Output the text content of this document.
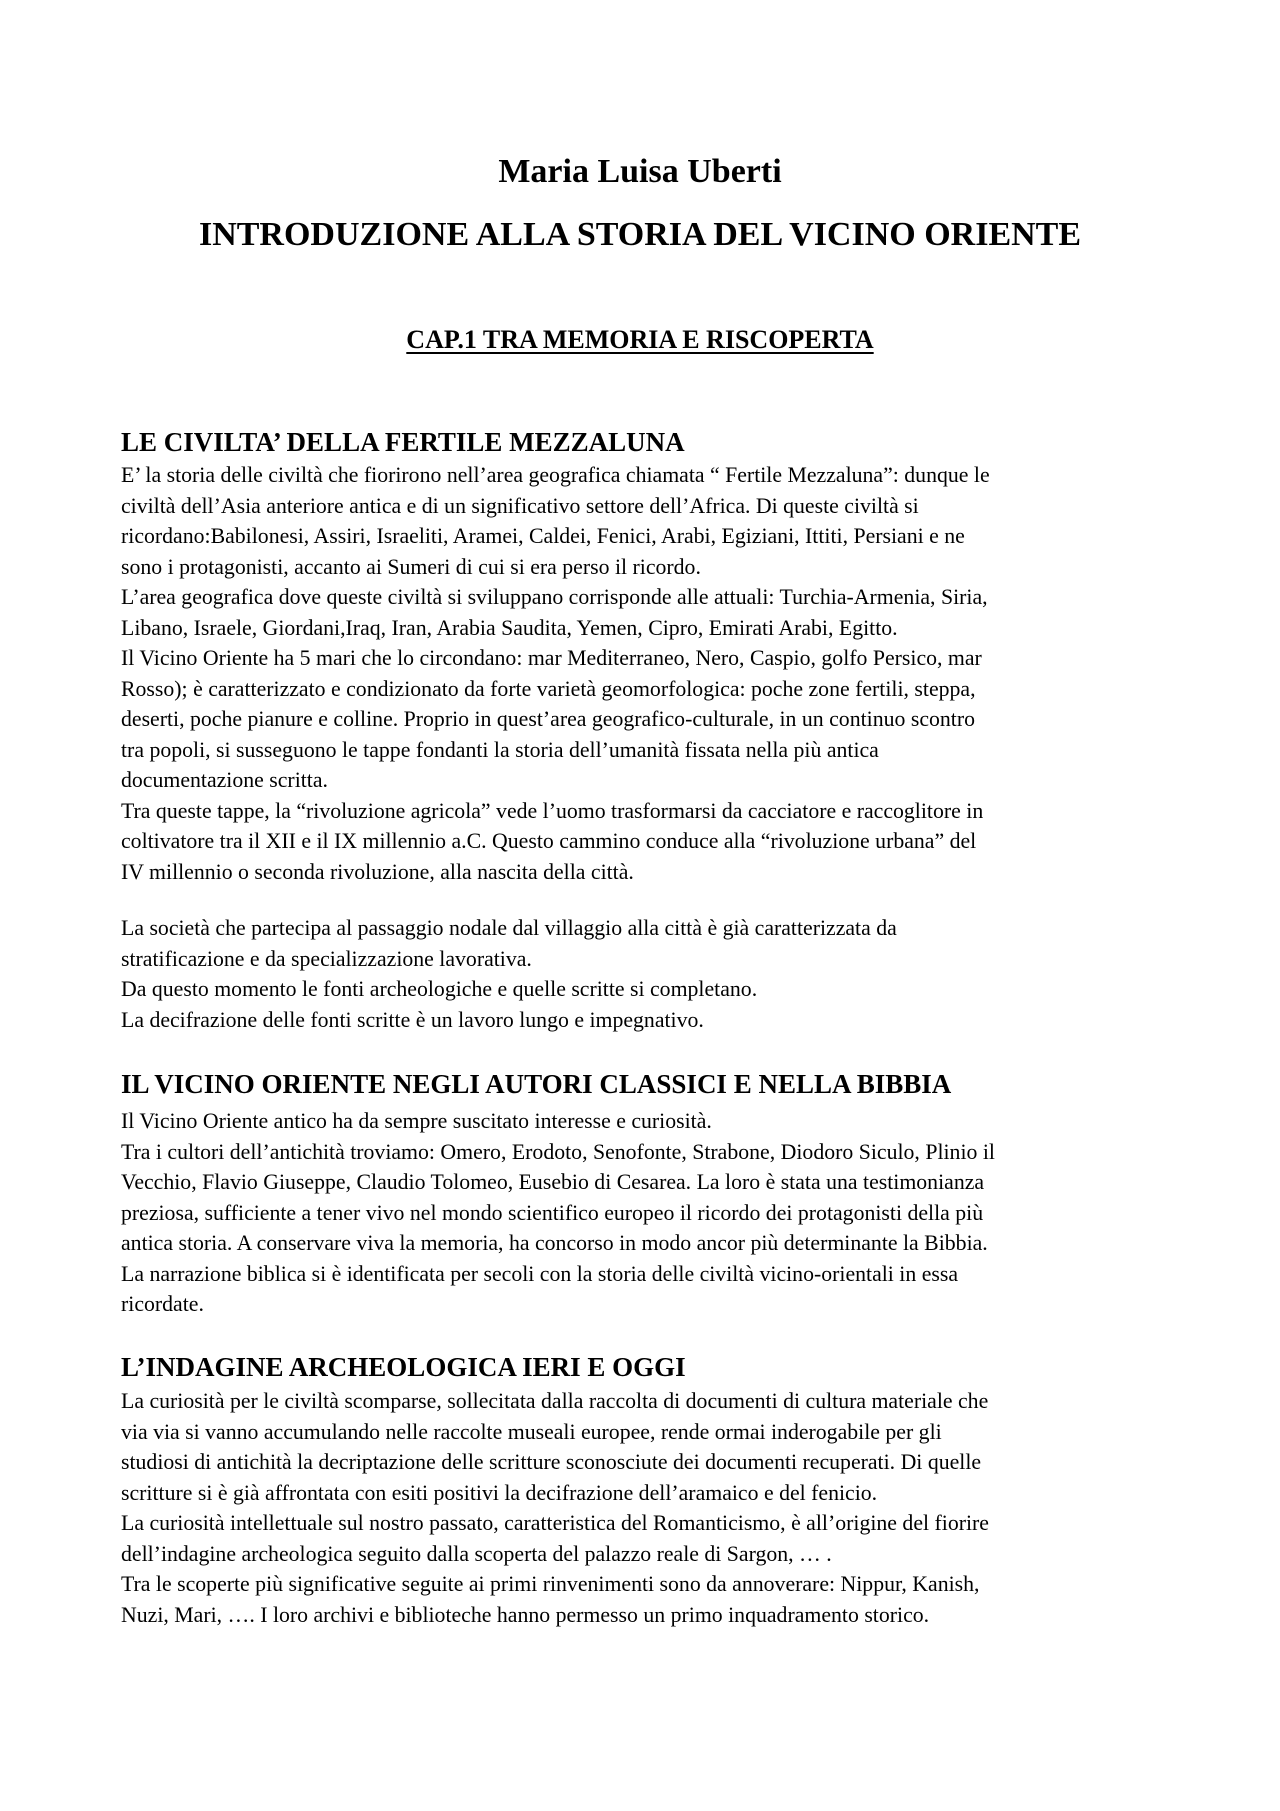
Maria Luisa Uberti
INTRODUZIONE ALLA STORIA DEL VICINO ORIENTE
CAP.1 TRA MEMORIA E RISCOPERTA
LE CIVILTA’ DELLA FERTILE MEZZALUNA

E’ la storia delle civiltà che fiorirono nell’area geografica chiamata “ Fertile Mezzaluna”: dunque le

civiltà dell’Asia anteriore antica e di un significativo settore dell’Africa. Di queste civiltà si

ricordano:Babilonesi, Assiri, Israeliti, Aramei, Caldei, Fenici, Arabi, Egiziani, Ittiti, Persiani e ne

sono i protagonisti, accanto ai Sumeri di cui si era perso il ricordo.

L’area geografica dove queste civiltà si sviluppano corrisponde alle attuali: Turchia-Armenia, Siria,

Libano, Israele, Giordani,Iraq, Iran, Arabia Saudita, Yemen, Cipro, Emirati Arabi, Egitto.

Il Vicino Oriente ha 5 mari che lo circondano: mar Mediterraneo, Nero, Caspio, golfo Persico, mar

Rosso); è caratterizzato e condizionato da forte varietà geomorfologica: poche zone fertili, steppa,

deserti, poche pianure e colline. Proprio in quest’area geografico-culturale, in un continuo scontro

tra popoli, si susseguono le tappe fondanti la storia dell’umanità fissata nella più antica

documentazione scritta.

Tra queste tappe, la “rivoluzione agricola” vede l’uomo trasformarsi da cacciatore e raccoglitore in

coltivatore tra il XII e il IX millennio a.C. Questo cammino conduce alla “rivoluzione urbana” del

IV millennio o seconda rivoluzione, alla nascita della città.

La società che partecipa al passaggio nodale dal villaggio alla città è già caratterizzata da

stratificazione e da specializzazione lavorativa.

Da questo momento le fonti archeologiche e quelle scritte si completano.

La decifrazione delle fonti scritte è un lavoro lungo e impegnativo.

IL VICINO ORIENTE NEGLI AUTORI CLASSICI E NELLA BIBBIA

Il Vicino Oriente antico ha da sempre suscitato interesse e curiosità.

Tra i cultori dell’antichità troviamo: Omero, Erodoto, Senofonte, Strabone, Diodoro Siculo, Plinio il

Vecchio, Flavio Giuseppe, Claudio Tolomeo, Eusebio di Cesarea. La loro è stata una testimonianza

preziosa, sufficiente a tener vivo nel mondo scientifico europeo il ricordo dei protagonisti della più

antica storia. A conservare viva la memoria, ha concorso in modo ancor più determinante la Bibbia.

La narrazione biblica si è identificata per secoli con la storia delle civiltà vicino-orientali in essa

ricordate.

L’INDAGINE ARCHEOLOGICA IERI E OGGI

La curiosità per le civiltà scomparse, sollecitata dalla raccolta di documenti di cultura materiale che

via via si vanno accumulando nelle raccolte museali europee, rende ormai inderogabile per gli

studiosi di antichità la decriptazione delle scritture sconosciute dei documenti recuperati. Di quelle

scritture si è già affrontata con esiti positivi la decifrazione dell’aramaico e del fenicio.

La curiosità intellettuale sul nostro passato, caratteristica del Romanticismo, è all’origine del fiorire

dell’indagine archeologica seguito dalla scoperta del palazzo reale di Sargon, … .

Tra le scoperte più significative seguite ai primi rinvenimenti sono da annoverare: Nippur, Kanish,

Nuzi, Mari, …. I loro archivi e biblioteche hanno permesso un primo inquadramento storico.
